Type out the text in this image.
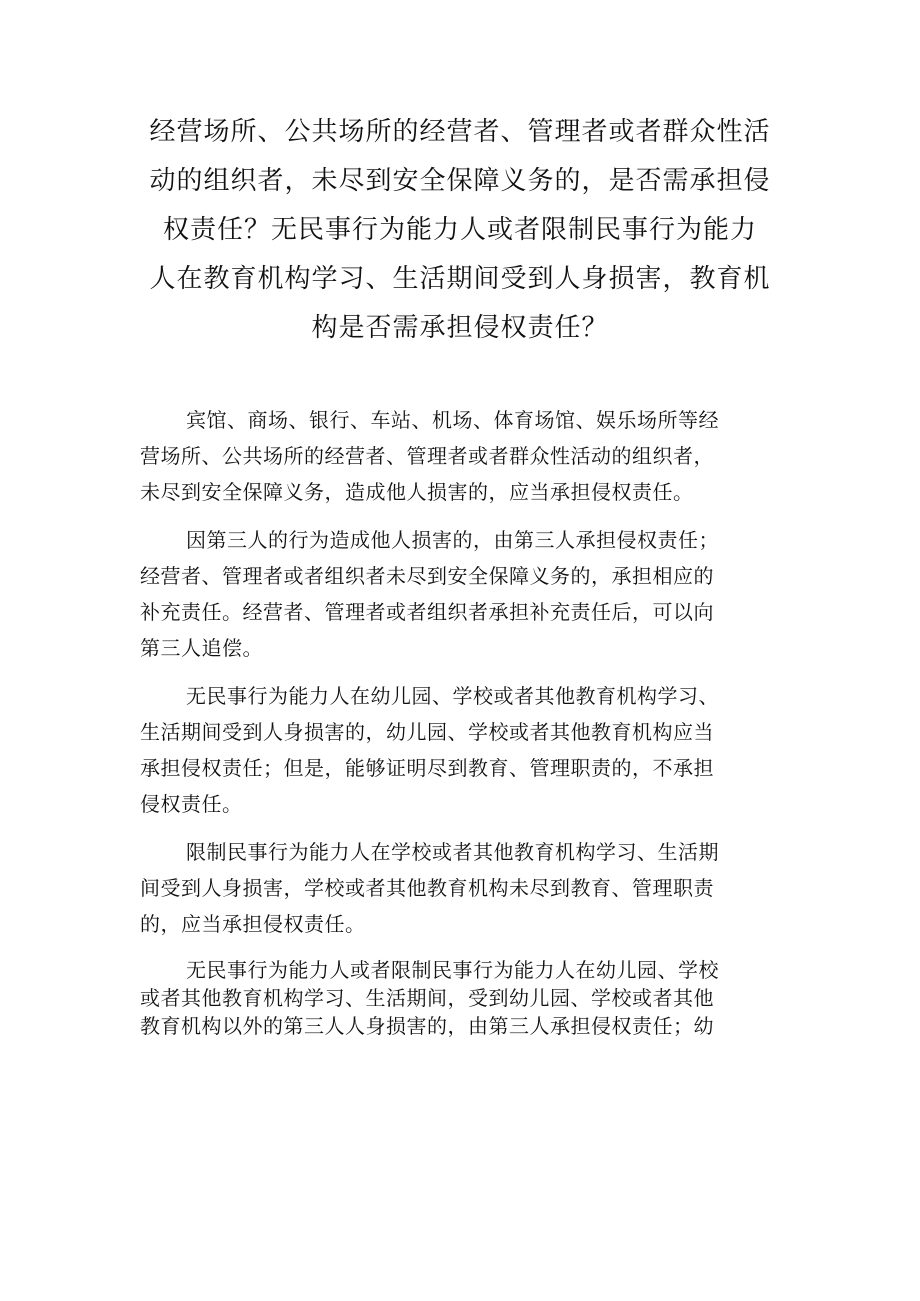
经营场所、公共场所的经营者、管理者或者群众性活
动的组织者，未尽到安全保障义务的，是否需承担侵
权责任？无民事行为能力人或者限制民事行为能力
人在教育机构学习、生活期间受到人身损害，教育机
构是否需承担侵权责任？

宾馆、商场、银行、车站、机场、体育场馆、娱乐场所等经
营场所、公共场所的经营者、管理者或者群众性活动的组织者，
未尽到安全保障义务，造成他人损害的，应当承担侵权责任。

因第三人的行为造成他人损害的，由第三人承担侵权责任；
经营者、管理者或者组织者未尽到安全保障义务的，承担相应的
补充责任。经营者、管理者或者组织者承担补充责任后，可以向
第三人追偿。

无民事行为能力人在幼儿园、学校或者其他教育机构学习、
生活期间受到人身损害的，幼儿园、学校或者其他教育机构应当
承担侵权责任；但是，能够证明尽到教育、管理职责的，不承担
侵权责任。

限制民事行为能力人在学校或者其他教育机构学习、生活期
间受到人身损害，学校或者其他教育机构未尽到教育、管理职责
的，应当承担侵权责任。

无民事行为能力人或者限制民事行为能力人在幼儿园、学校
或者其他教育机构学习、生活期间，受到幼儿园、学校或者其他
教育机构以外的第三人人身损害的，由第三人承担侵权责任；幼
